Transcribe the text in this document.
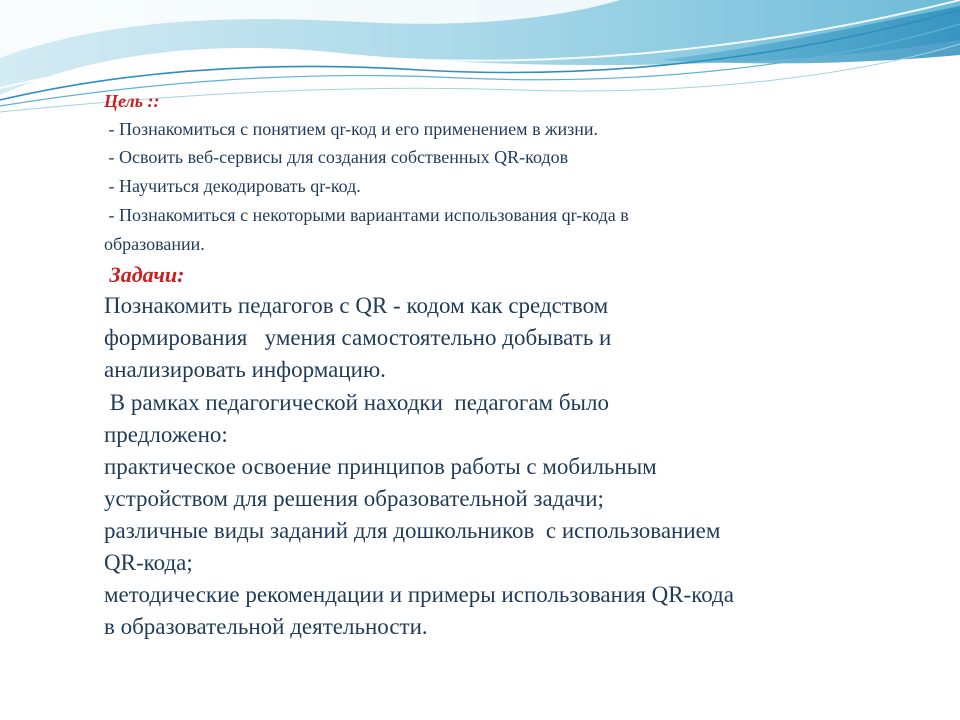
Цель ::

- Познакомиться с понятием qr-код и его применением в жизни.

- Освоить веб-сервисы для создания собственных QR-кодов

- Научиться декодировать qr-код.

- Познакомиться с некоторыми вариантами использования qr-кода в

образовании.

Задачи:

Познакомить педагогов с QR - кодом как средством

формирования   умения самостоятельно добывать и

анализировать информацию.

В рамках педагогической находки  педагогам было

предложено:

практическое освоение принципов работы с мобильным

устройством для решения образовательной задачи;

различные виды заданий для дошкольников  с использованием

QR-кода;

методические рекомендации и примеры использования QR-кода

в образовательной деятельности.
